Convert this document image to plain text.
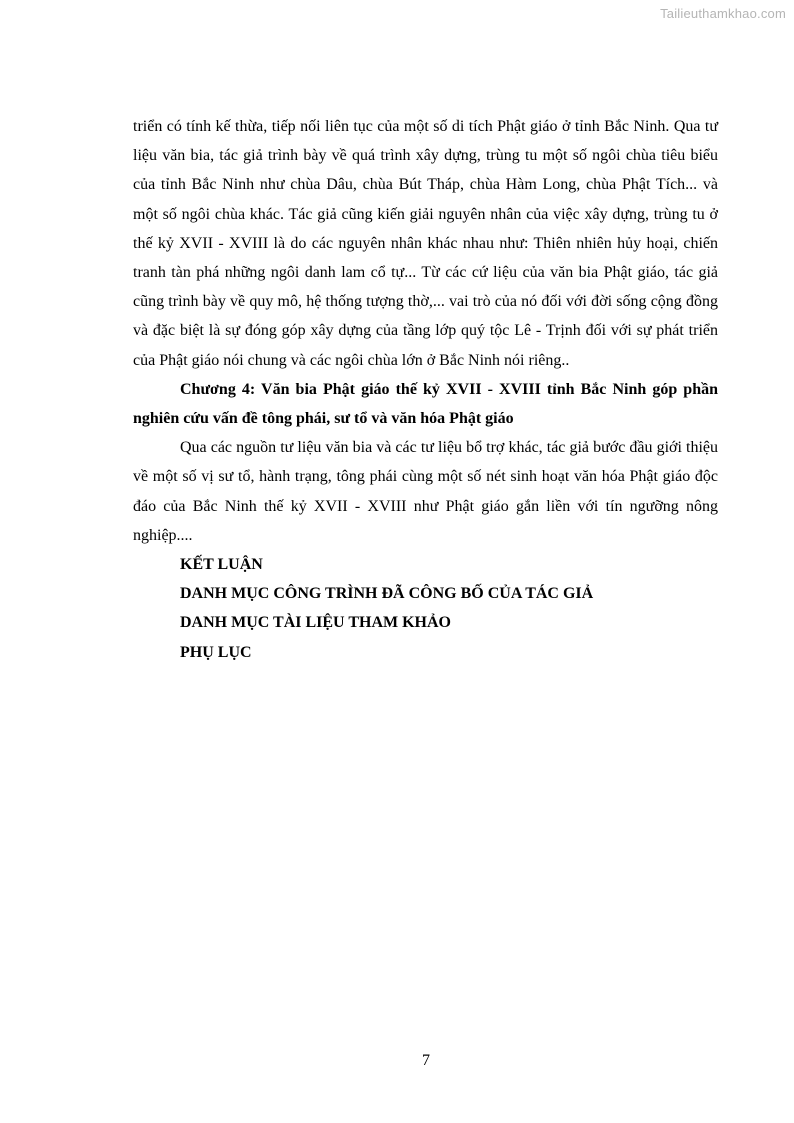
Tailieuthamkhao.com

triển có tính kế thừa, tiếp nối liên tục của một số di tích Phật giáo ở tỉnh Bắc Ninh. Qua tư liệu văn bia, tác giả trình bày về quá trình xây dựng, trùng tu một số ngôi chùa tiêu biểu của tỉnh Bắc Ninh như chùa Dâu, chùa Bút Tháp, chùa Hàm Long, chùa Phật Tích... và một số ngôi chùa khác. Tác giả cũng kiến giải nguyên nhân của việc xây dựng, trùng tu ở thế kỷ XVII - XVIII là do các nguyên nhân khác nhau như: Thiên nhiên hủy hoại, chiến tranh tàn phá những ngôi danh lam cổ tự... Từ các cứ liệu của văn bia Phật giáo, tác giả cũng trình bày về quy mô, hệ thống tượng thờ,... vai trò của nó đối với đời sống cộng đồng và đặc biệt là sự đóng góp xây dựng của tầng lớp quý tộc Lê - Trịnh đối với sự phát triển của Phật giáo nói chung và các ngôi chùa lớn ở Bắc Ninh nói riêng..

Chương 4: Văn bia Phật giáo thế kỷ XVII - XVIII tỉnh Bắc Ninh góp phần nghiên cứu vấn đề tông phái, sư tổ và văn hóa Phật giáo

Qua các nguồn tư liệu văn bia và các tư liệu bổ trợ khác, tác giả bước đầu giới thiệu về một số vị sư tổ, hành trạng, tông phái cùng một số nét sinh hoạt văn hóa Phật giáo độc đáo của Bắc Ninh thế kỷ XVII - XVIII như Phật giáo gắn liền với tín ngưỡng nông nghiệp....

KẾT LUẬN

DANH MỤC CÔNG TRÌNH ĐÃ CÔNG BỐ CỦA TÁC GIẢ

DANH MỤC TÀI LIỆU THAM KHẢO

PHỤ LỤC

7
